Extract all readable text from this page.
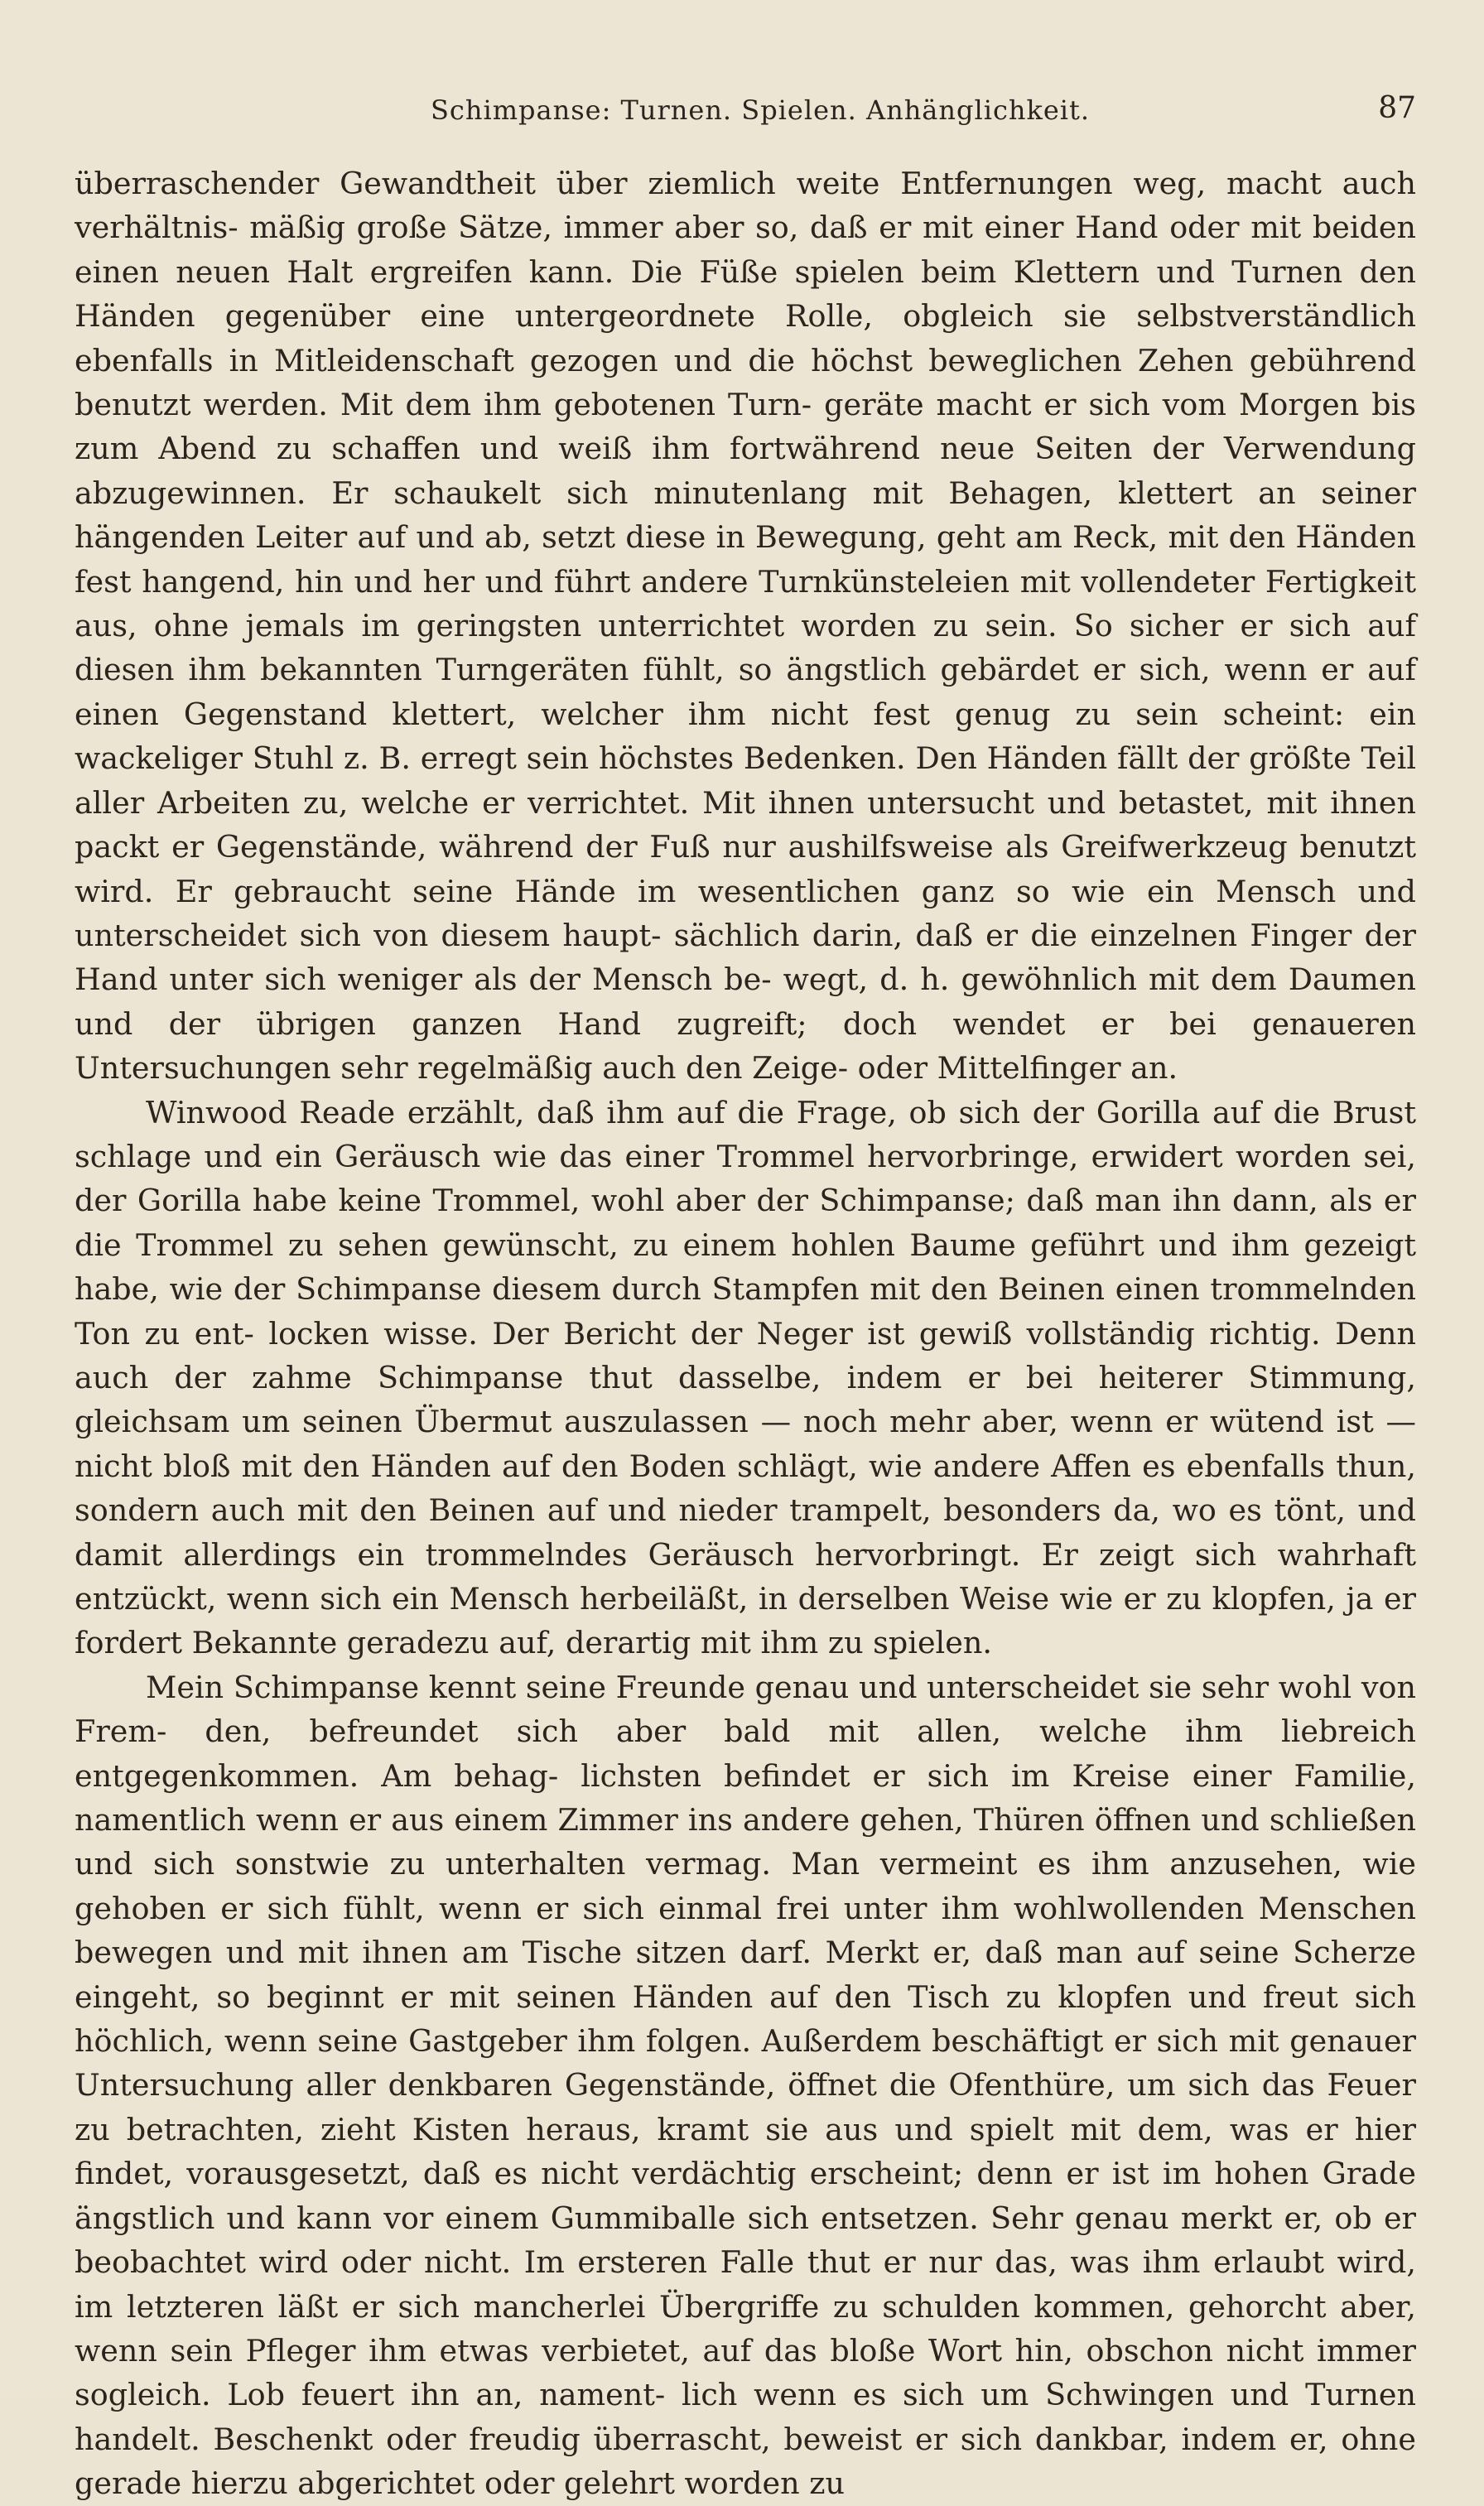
Schimpanse: Turnen. Spielen. Anhänglichkeit.	87

überraschender Gewandtheit über ziemlich weite Entfernungen weg, macht auch verhältnis- mäßig große Sätze, immer aber so, daß er mit einer Hand oder mit beiden einen neuen Halt ergreifen kann. Die Füße spielen beim Klettern und Turnen den Händen gegenüber eine untergeordnete Rolle, obgleich sie selbstverständlich ebenfalls in Mitleidenschaft gezogen und die höchst beweglichen Zehen gebührend benutzt werden. Mit dem ihm gebotenen Turn- geräte macht er sich vom Morgen bis zum Abend zu schaffen und weiß ihm fortwährend neue Seiten der Verwendung abzugewinnen. Er schaukelt sich minutenlang mit Behagen, klettert an seiner hängenden Leiter auf und ab, setzt diese in Bewegung, geht am Reck, mit den Händen fest hangend, hin und her und führt andere Turnkünsteleien mit vollendeter Fertigkeit aus, ohne jemals im geringsten unterrichtet worden zu sein. So sicher er sich auf diesen ihm bekannten Turngeräten fühlt, so ängstlich gebärdet er sich, wenn er auf einen Gegenstand klettert, welcher ihm nicht fest genug zu sein scheint: ein wackeliger Stuhl z. B. erregt sein höchstes Bedenken. Den Händen fällt der größte Teil aller Arbeiten zu, welche er verrichtet. Mit ihnen untersucht und betastet, mit ihnen packt er Gegenstände, während der Fuß nur aushilfsweise als Greifwerkzeug benutzt wird. Er gebraucht seine Hände im wesentlichen ganz so wie ein Mensch und unterscheidet sich von diesem haupt- sächlich darin, daß er die einzelnen Finger der Hand unter sich weniger als der Mensch be- wegt, d. h. gewöhnlich mit dem Daumen und der übrigen ganzen Hand zugreift; doch wendet er bei genaueren Untersuchungen sehr regelmäßig auch den Zeige- oder Mittelfinger an.

Winwood Reade erzählt, daß ihm auf die Frage, ob sich der Gorilla auf die Brust schlage und ein Geräusch wie das einer Trommel hervorbringe, erwidert worden sei, der Gorilla habe keine Trommel, wohl aber der Schimpanse; daß man ihn dann, als er die Trommel zu sehen gewünscht, zu einem hohlen Baume geführt und ihm gezeigt habe, wie der Schimpanse diesem durch Stampfen mit den Beinen einen trommelnden Ton zu ent- locken wisse. Der Bericht der Neger ist gewiß vollständig richtig. Denn auch der zahme Schimpanse thut dasselbe, indem er bei heiterer Stimmung, gleichsam um seinen Übermut auszulassen — noch mehr aber, wenn er wütend ist — nicht bloß mit den Händen auf den Boden schlägt, wie andere Affen es ebenfalls thun, sondern auch mit den Beinen auf und nieder trampelt, besonders da, wo es tönt, und damit allerdings ein trommelndes Geräusch hervorbringt. Er zeigt sich wahrhaft entzückt, wenn sich ein Mensch herbeiläßt, in derselben Weise wie er zu klopfen, ja er fordert Bekannte geradezu auf, derartig mit ihm zu spielen.

Mein Schimpanse kennt seine Freunde genau und unterscheidet sie sehr wohl von Frem- den, befreundet sich aber bald mit allen, welche ihm liebreich entgegenkommen. Am behag- lichsten befindet er sich im Kreise einer Familie, namentlich wenn er aus einem Zimmer ins andere gehen, Thüren öffnen und schließen und sich sonstwie zu unterhalten vermag. Man vermeint es ihm anzusehen, wie gehoben er sich fühlt, wenn er sich einmal frei unter ihm wohlwollenden Menschen bewegen und mit ihnen am Tische sitzen darf. Merkt er, daß man auf seine Scherze eingeht, so beginnt er mit seinen Händen auf den Tisch zu klopfen und freut sich höchlich, wenn seine Gastgeber ihm folgen. Außerdem beschäftigt er sich mit genauer Untersuchung aller denkbaren Gegenstände, öffnet die Ofenthüre, um sich das Feuer zu betrachten, zieht Kisten heraus, kramt sie aus und spielt mit dem, was er hier findet, vorausgesetzt, daß es nicht verdächtig erscheint; denn er ist im hohen Grade ängstlich und kann vor einem Gummiballe sich entsetzen. Sehr genau merkt er, ob er beobachtet wird oder nicht. Im ersteren Falle thut er nur das, was ihm erlaubt wird, im letzteren läßt er sich mancherlei Übergriffe zu schulden kommen, gehorcht aber, wenn sein Pfleger ihm etwas verbietet, auf das bloße Wort hin, obschon nicht immer sogleich. Lob feuert ihn an, nament- lich wenn es sich um Schwingen und Turnen handelt. Beschenkt oder freudig überrascht, beweist er sich dankbar, indem er, ohne gerade hierzu abgerichtet oder gelehrt worden zu
